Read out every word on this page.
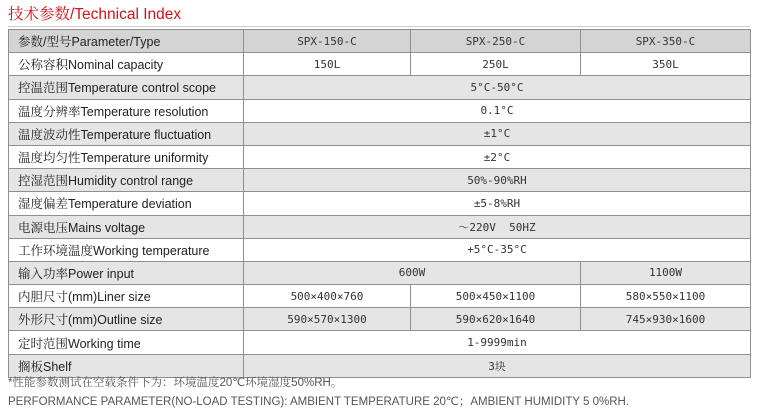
技术参数/Technical Index
参数/型号Parameter/Type	SPX-150-C	SPX-250-C	SPX-350-C
公称容积Nominal capacity	150L	250L	350L
控温范围Temperature control scope	5°C-50°C		
温度分辨率Temperature resolution	0.1°C		
温度波动性Temperature fluctuation	±1°C		
温度均匀性Temperature uniformity	±2°C		
控湿范围Humidity control range	50%-90%RH		
湿度偏差Temperature deviation	±5-8%RH		
电源电压Mains voltage	～220V  50HZ		
工作环境温度Working temperature	+5°C-35°C		
输入功率Power input	600W		1100W
内胆尺寸(mm)Liner size	500×400×760	500×450×1100	580×550×1100
外形尺寸(mm)Outline size	590×570×1300	590×620×1640	745×930×1600
定时范围Working time	1-9999min		
搁板Shelf	3块		
*性能参数测试在空载条件下为：环境温度20℃环境湿度50%RH。
PERFORMANCE PARAMETER(NO-LOAD TESTING): AMBIENT TEMPERATURE 20℃；AMBIENT HUMIDITY 5 0%RH.
